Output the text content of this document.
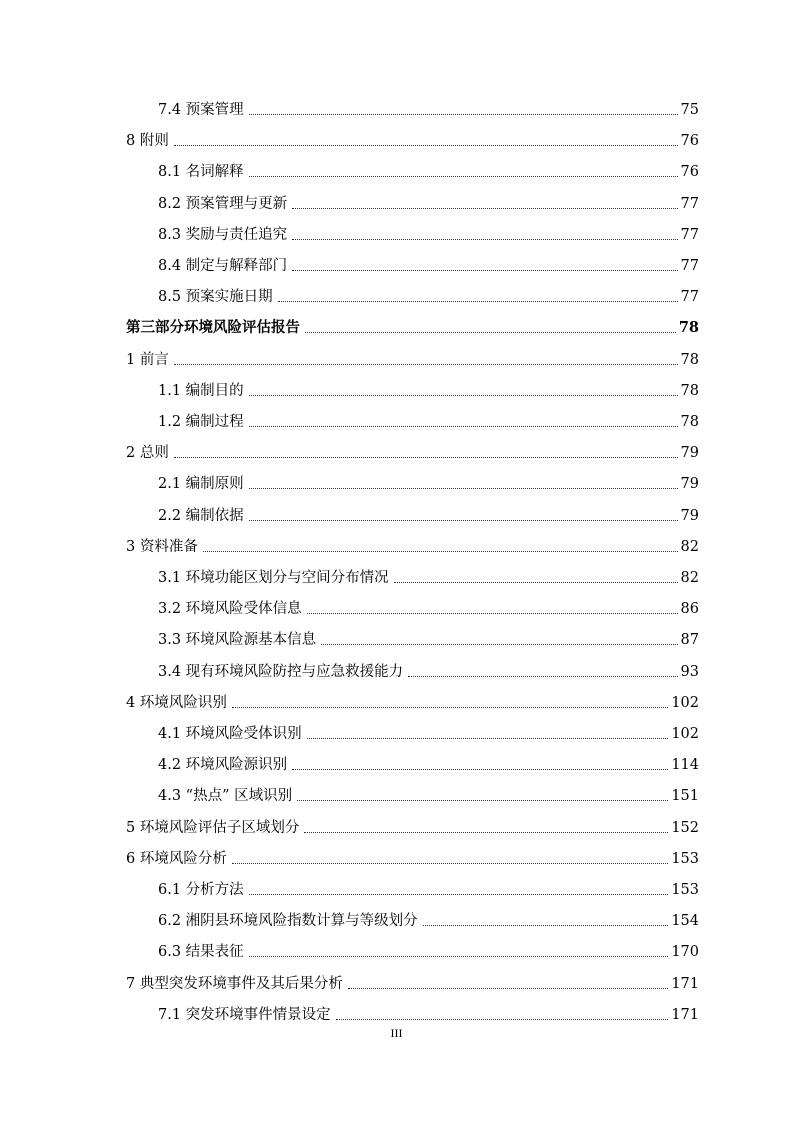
7.4 预案管理	75
8 附则	76
8.1 名词解释	76
8.2 预案管理与更新	77
8.3 奖励与责任追究	77
8.4 制定与解释部门	77
8.5 预案实施日期	77
第三部分环境风险评估报告	78
1 前言	78
1.1 编制目的	78
1.2 编制过程	78
2 总则	79
2.1 编制原则	79
2.2 编制依据	79
3 资料准备	82
3.1 环境功能区划分与空间分布情况	82
3.2 环境风险受体信息	86
3.3 环境风险源基本信息	87
3.4 现有环境风险防控与应急救援能力	93
4 环境风险识别	102
4.1 环境风险受体识别	102
4.2 环境风险源识别	114
4.3 “热点” 区域识别	151
5 环境风险评估子区域划分	152
6 环境风险分析	153
6.1 分析方法	153
6.2 湘阴县环境风险指数计算与等级划分	154
6.3 结果表征	170
7 典型突发环境事件及其后果分析	171
7.1 突发环境事件情景设定	171
III
